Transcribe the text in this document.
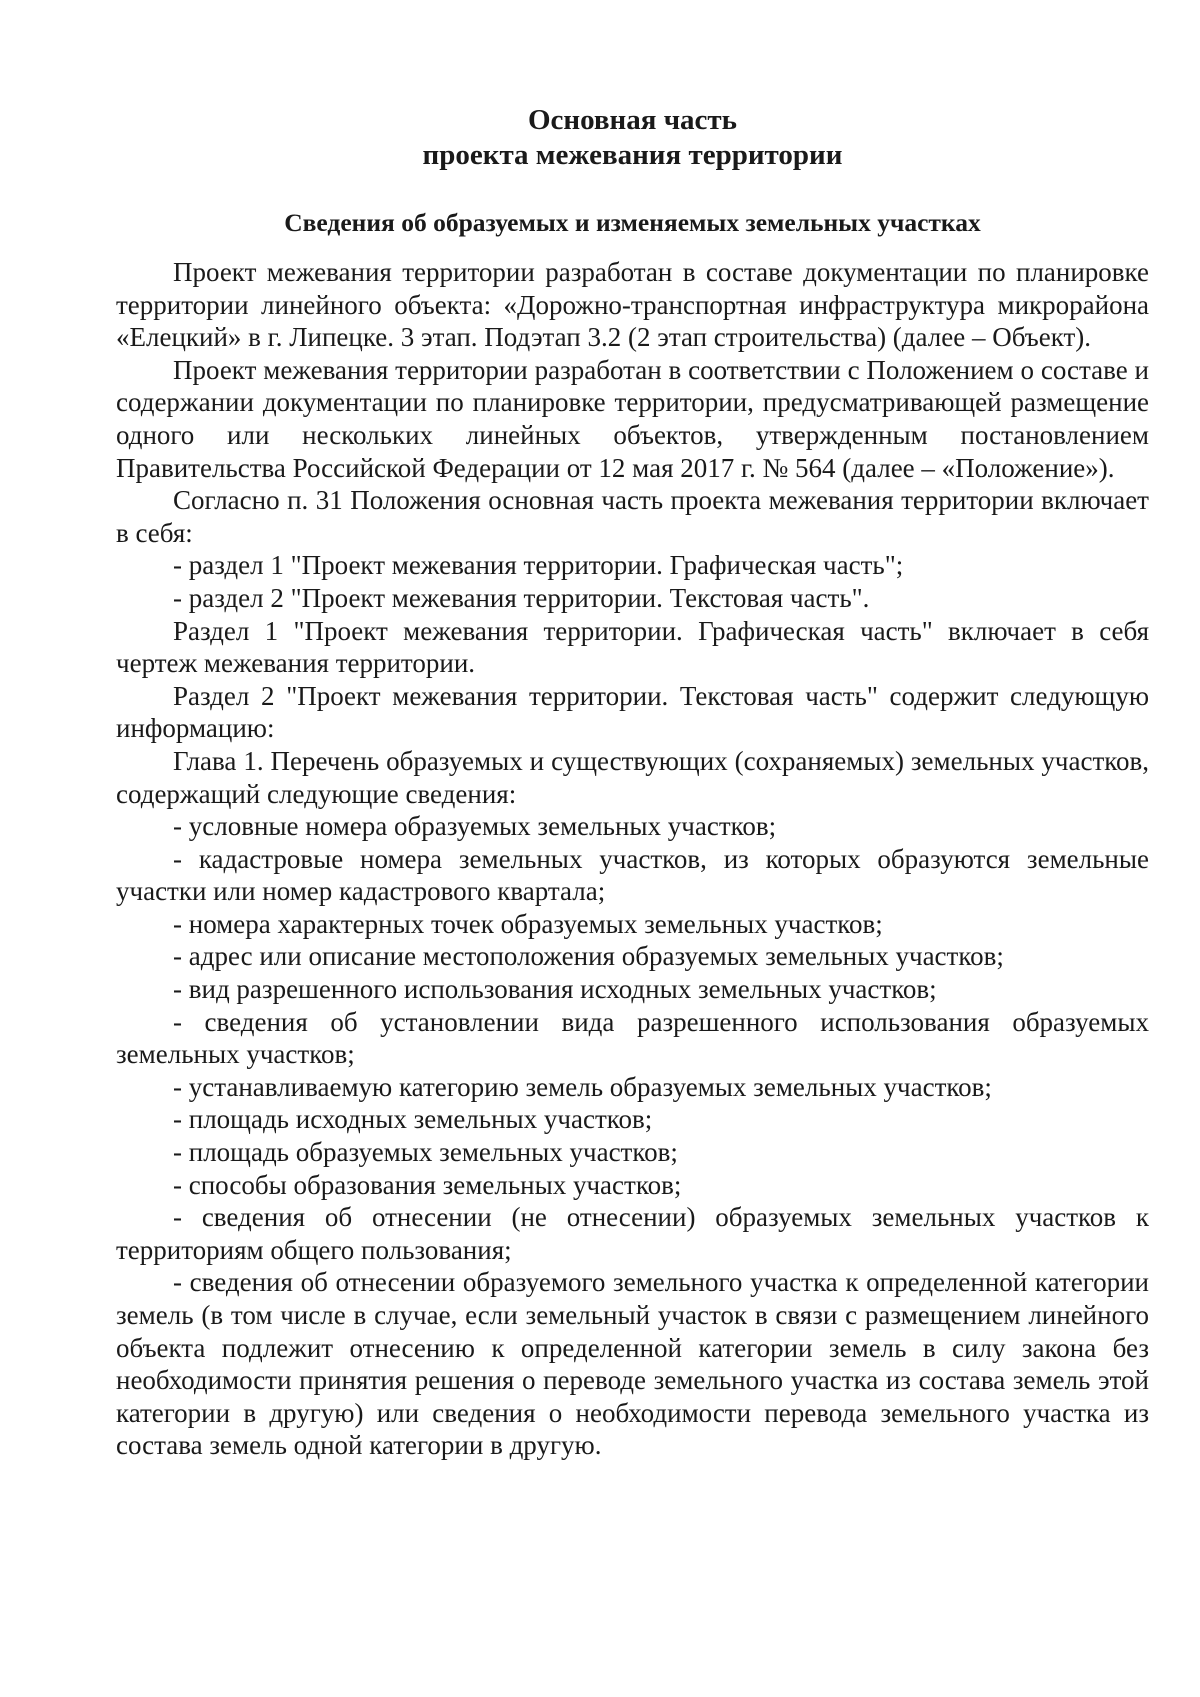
Основная часть
проекта межевания территории
Сведения об образуемых и изменяемых земельных участках

Проект межевания территории разработан в составе документации по планировке территории линейного объекта: «Дорожно-транспортная инфраструктура микрорайона «Елецкий» в г. Липецке. 3 этап. Подэтап 3.2 (2 этап строительства) (далее – Объект).

Проект межевания территории разработан в соответствии с Положением о составе и содержании документации по планировке территории, предусматривающей размещение одного или нескольких линейных объектов, утвержденным постановлением Правительства Российской Федерации от 12 мая 2017 г. № 564 (далее – «Положение»).

Согласно п. 31 Положения основная часть проекта межевания территории включает в себя:

- раздел 1 "Проект межевания территории. Графическая часть";

- раздел 2 "Проект межевания территории. Текстовая часть".

Раздел 1 "Проект межевания территории. Графическая часть" включает в себя чертеж межевания территории.

Раздел 2 "Проект межевания территории. Текстовая часть" содержит следующую информацию:

Глава 1. Перечень образуемых и существующих (сохраняемых) земельных участков, содержащий следующие сведения:

- условные номера образуемых земельных участков;

- кадастровые номера земельных участков, из которых образуются земельные участки или номер кадастрового квартала;

- номера характерных точек образуемых земельных участков;

- адрес или описание местоположения образуемых земельных участков;

- вид разрешенного использования исходных земельных участков;

- сведения об установлении вида разрешенного использования образуемых земельных участков;

- устанавливаемую категорию земель образуемых земельных участков;

- площадь исходных земельных участков;

- площадь образуемых земельных участков;

- способы образования земельных участков;

- сведения об отнесении (не отнесении) образуемых земельных участков к территориям общего пользования;

- сведения об отнесении образуемого земельного участка к определенной категории земель (в том числе в случае, если земельный участок в связи с размещением линейного объекта подлежит отнесению к определенной категории земель в силу закона без необходимости принятия решения о переводе земельного участка из состава земель этой категории в другую) или сведения о необходимости перевода земельного участка из состава земель одной категории в другую.
